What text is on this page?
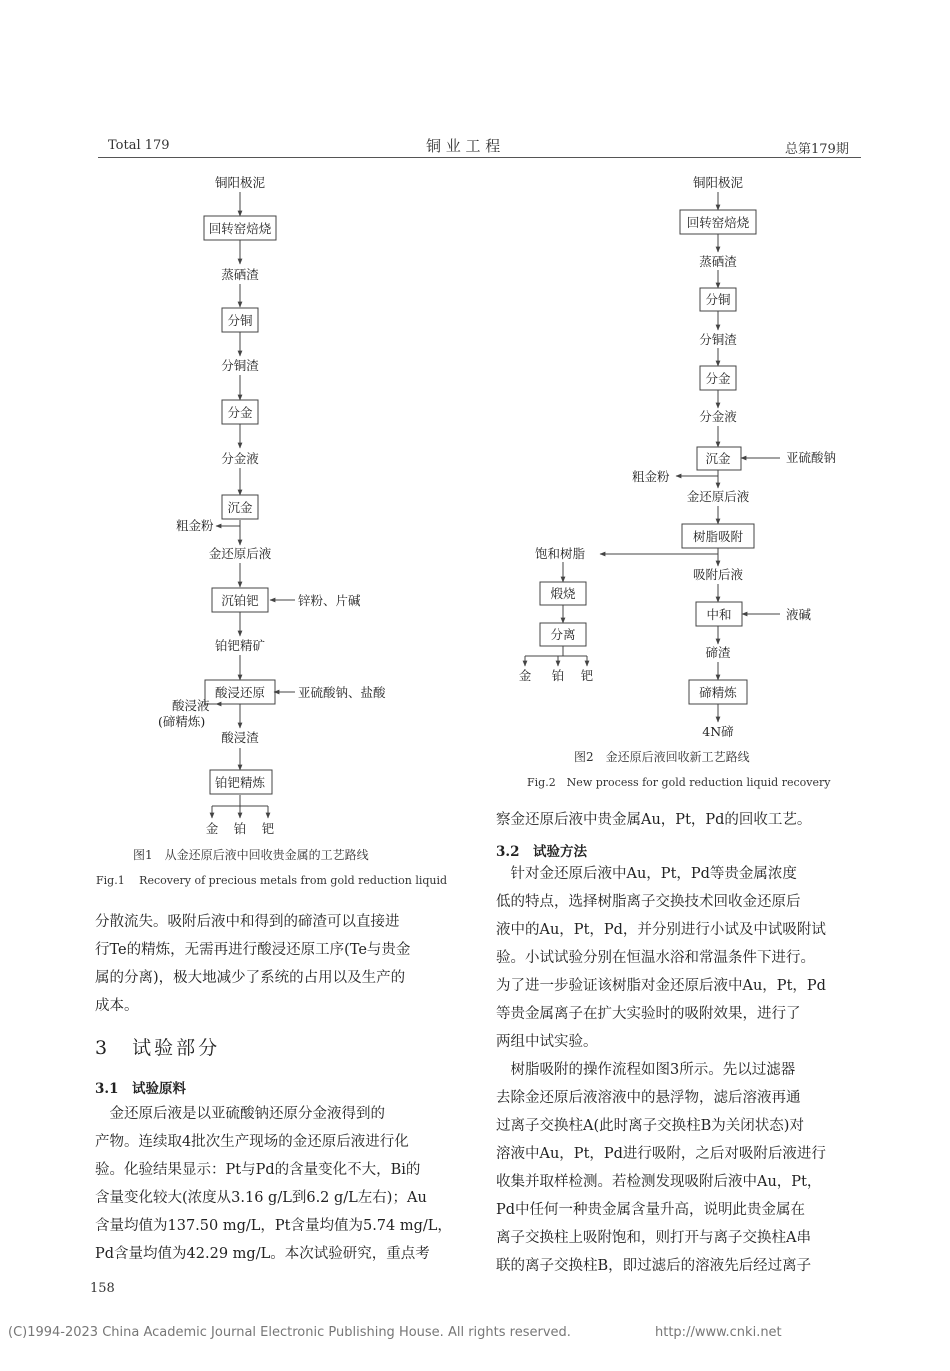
Total 179	铜 业 工 程	总第179期
铜阳极泥
回转窑焙烧
蒸硒渣
分铜
分铜渣
分金
分金液
沉金
粗金粉
金还原后液
沉铂钯	锌粉、片碱
铂钯精矿
酸浸还原	亚硫酸钠、盐酸
酸浸液
(碲精炼)
酸浸渣
铂钯精炼
金 铂 钯
铜阳极泥
回转窑焙烧
蒸硒渣
分铜
分铜渣
分金
分金液
沉金	亚硫酸钠
粗金粉
金还原后液
树脂吸附
饱和树脂
吸附后液
煅烧
分离
金 铂 钯
中和	液碱
碲渣
碲精炼
4N碲
图1　从金还原后液中回收贵金属的工艺路线
Fig.1　 Recovery of precious metals from gold reduction liquid
图2　金还原后液回收新工艺路线
Fig.2　New process for gold reduction liquid recovery
分散流失。吸附后液中和得到的碲渣可以直接进
行Te的精炼，无需再进行酸浸还原工序(Te与贵金
属的分离)，极大地减少了系统的占用以及生产的
成本。
3　试验部分
3.1　试验原料
　金还原后液是以亚硫酸钠还原分金液得到的
产物。连续取4批次生产现场的金还原后液进行化
验。化验结果显示：Pt与Pd的含量变化不大，Bi的
含量变化较大(浓度从3.16 g/L到6.2 g/L左右)；Au
含量均值为137.50 mg/L，Pt含量均值为5.74 mg/L，
Pd含量均值为42.29 mg/L。本次试验研究，重点考
158
察金还原后液中贵金属Au，Pt，Pd的回收工艺。
3.2　试验方法
　针对金还原后液中Au，Pt，Pd等贵金属浓度
低的特点，选择树脂离子交换技术回收金还原后
液中的Au，Pt，Pd，并分别进行小试及中试吸附试
验。小试试验分别在恒温水浴和常温条件下进行。
为了进一步验证该树脂对金还原后液中Au，Pt，Pd
等贵金属离子在扩大实验时的吸附效果，进行了
两组中试实验。
　树脂吸附的操作流程如图3所示。先以过滤器
去除金还原后液溶液中的悬浮物，滤后溶液再通
过离子交换柱A(此时离子交换柱B为关闭状态)对
溶液中Au，Pt，Pd进行吸附，之后对吸附后液进行
收集并取样检测。若检测发现吸附后液中Au，Pt，
Pd中任何一种贵金属含量升高，说明此贵金属在
离子交换柱上吸附饱和，则打开与离子交换柱A串
联的离子交换柱B，即过滤后的溶液先后经过离子
(C)1994-2023 China Academic Journal Electronic Publishing House. All rights reserved.	http://www.cnki.net
